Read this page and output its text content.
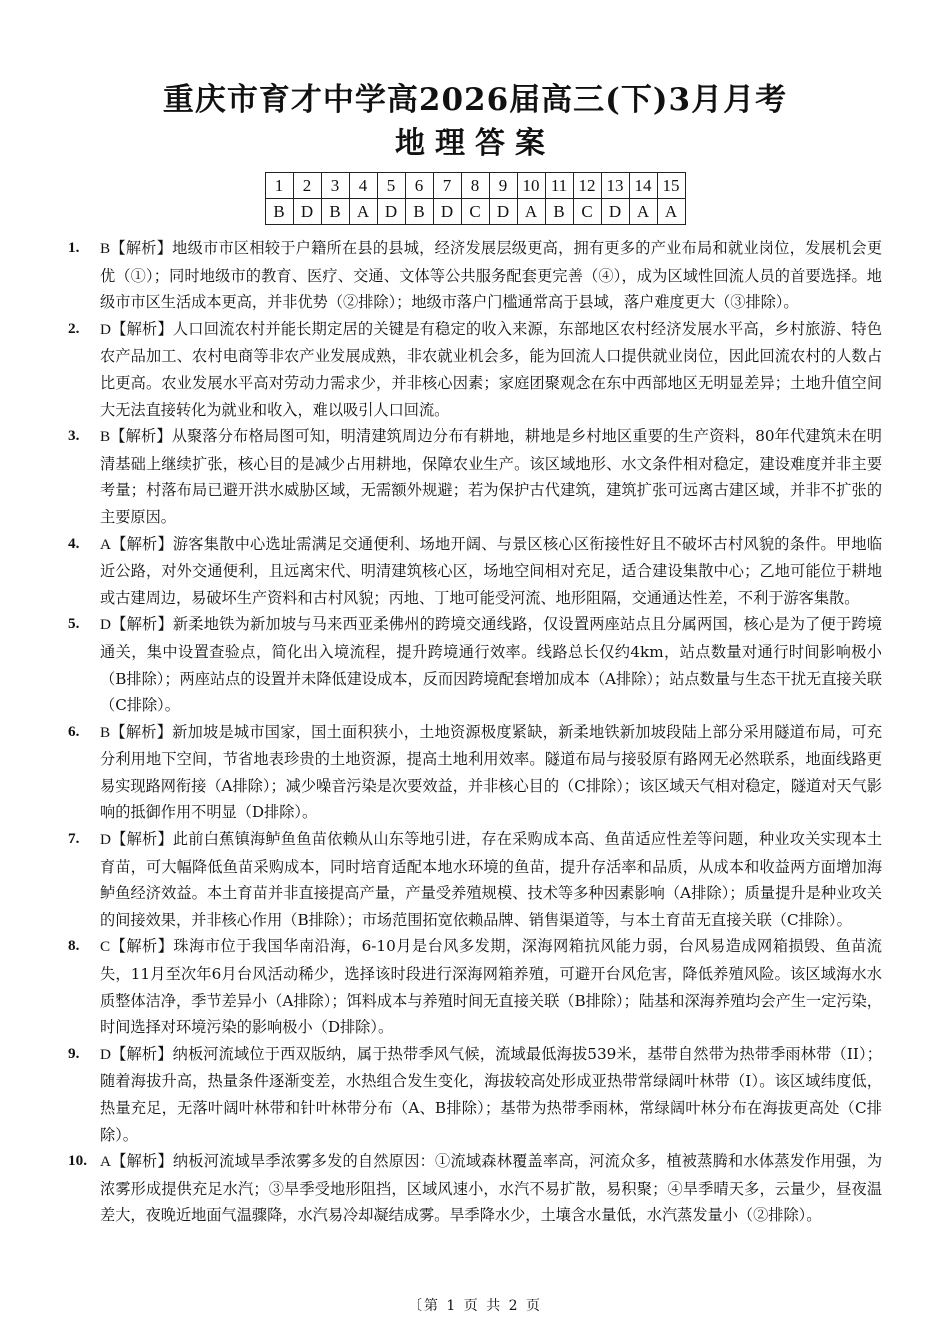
重庆市育才中学高2026届高三(下)3月月考
地理答案
1	2	3	4	5	6	7	8	9	10	11	12	13	14	15
B	D	B	A	D	B	D	C	D	A	B	C	D	A	A
1. B【解析】地级市市区相较于户籍所在县的县城，经济发展层级更高，拥有更多的产业布局和就业岗位，发展机会更优（①）；同时地级市的教育、医疗、交通、文体等公共服务配套更完善（④），成为区域性回流人员的首要选择。地级市市区生活成本更高，并非优势（②排除）；地级市落户门槛通常高于县域，落户难度更大（③排除）。
2. D【解析】人口回流农村并能长期定居的关键是有稳定的收入来源，东部地区农村经济发展水平高，乡村旅游、特色农产品加工、农村电商等非农产业发展成熟，非农就业机会多，能为回流人口提供就业岗位，因此回流农村的人数占比更高。农业发展水平高对劳动力需求少，并非核心因素；家庭团聚观念在东中西部地区无明显差异；土地升值空间大无法直接转化为就业和收入，难以吸引人口回流。
3. B【解析】从聚落分布格局图可知，明清建筑周边分布有耕地，耕地是乡村地区重要的生产资料，80年代建筑未在明清基础上继续扩张，核心目的是减少占用耕地，保障农业生产。该区域地形、水文条件相对稳定，建设难度并非主要考量；村落布局已避开洪水威胁区域，无需额外规避；若为保护古代建筑，建筑扩张可远离古建区域，并非不扩张的主要原因。
4. A【解析】游客集散中心选址需满足交通便利、场地开阔、与景区核心区衔接性好且不破坏古村风貌的条件。甲地临近公路，对外交通便利，且远离宋代、明清建筑核心区，场地空间相对充足，适合建设集散中心；乙地可能位于耕地或古建周边，易破坏生产资料和古村风貌；丙地、丁地可能受河流、地形阻隔，交通通达性差，不利于游客集散。
5. D【解析】新柔地铁为新加坡与马来西亚柔佛州的跨境交通线路，仅设置两座站点且分属两国，核心是为了便于跨境通关，集中设置查验点，简化出入境流程，提升跨境通行效率。线路总长仅约4km，站点数量对通行时间影响极小（B排除）；两座站点的设置并未降低建设成本，反而因跨境配套增加成本（A排除）；站点数量与生态干扰无直接关联（C排除）。
6. B【解析】新加坡是城市国家，国土面积狭小，土地资源极度紧缺，新柔地铁新加坡段陆上部分采用隧道布局，可充分利用地下空间，节省地表珍贵的土地资源，提高土地利用效率。隧道布局与接驳原有路网无必然联系，地面线路更易实现路网衔接（A排除）；减少噪音污染是次要效益，并非核心目的（C排除）；该区域天气相对稳定，隧道对天气影响的抵御作用不明显（D排除）。
7. D【解析】此前白蕉镇海鲈鱼鱼苗依赖从山东等地引进，存在采购成本高、鱼苗适应性差等问题，种业攻关实现本土育苗，可大幅降低鱼苗采购成本，同时培育适配本地水环境的鱼苗，提升存活率和品质，从成本和收益两方面增加海鲈鱼经济效益。本土育苗并非直接提高产量，产量受养殖规模、技术等多种因素影响（A排除）；质量提升是种业攻关的间接效果，并非核心作用（B排除）；市场范围拓宽依赖品牌、销售渠道等，与本土育苗无直接关联（C排除）。
8. C【解析】珠海市位于我国华南沿海，6-10月是台风多发期，深海网箱抗风能力弱，台风易造成网箱损毁、鱼苗流失，11月至次年6月台风活动稀少，选择该时段进行深海网箱养殖，可避开台风危害，降低养殖风险。该区域海水水质整体洁净，季节差异小（A排除）；饵料成本与养殖时间无直接关联（B排除）；陆基和深海养殖均会产生一定污染，时间选择对环境污染的影响极小（D排除）。
9. D【解析】纳板河流域位于西双版纳，属于热带季风气候，流域最低海拔539米，基带自然带为热带季雨林带（II）；随着海拔升高，热量条件逐渐变差，水热组合发生变化，海拔较高处形成亚热带常绿阔叶林带（I）。该区域纬度低，热量充足，无落叶阔叶林带和针叶林带分布（A、B排除）；基带为热带季雨林，常绿阔叶林分布在海拔更高处（C排除）。
10. A【解析】纳板河流域旱季浓雾多发的自然原因：①流域森林覆盖率高，河流众多，植被蒸腾和水体蒸发作用强，为浓雾形成提供充足水汽；③旱季受地形阻挡，区域风速小，水汽不易扩散，易积聚；④旱季晴天多，云量少，昼夜温差大，夜晚近地面气温骤降，水汽易冷却凝结成雾。旱季降水少，土壤含水量低，水汽蒸发量小（②排除）。
〔第 1 页 共 2 页
